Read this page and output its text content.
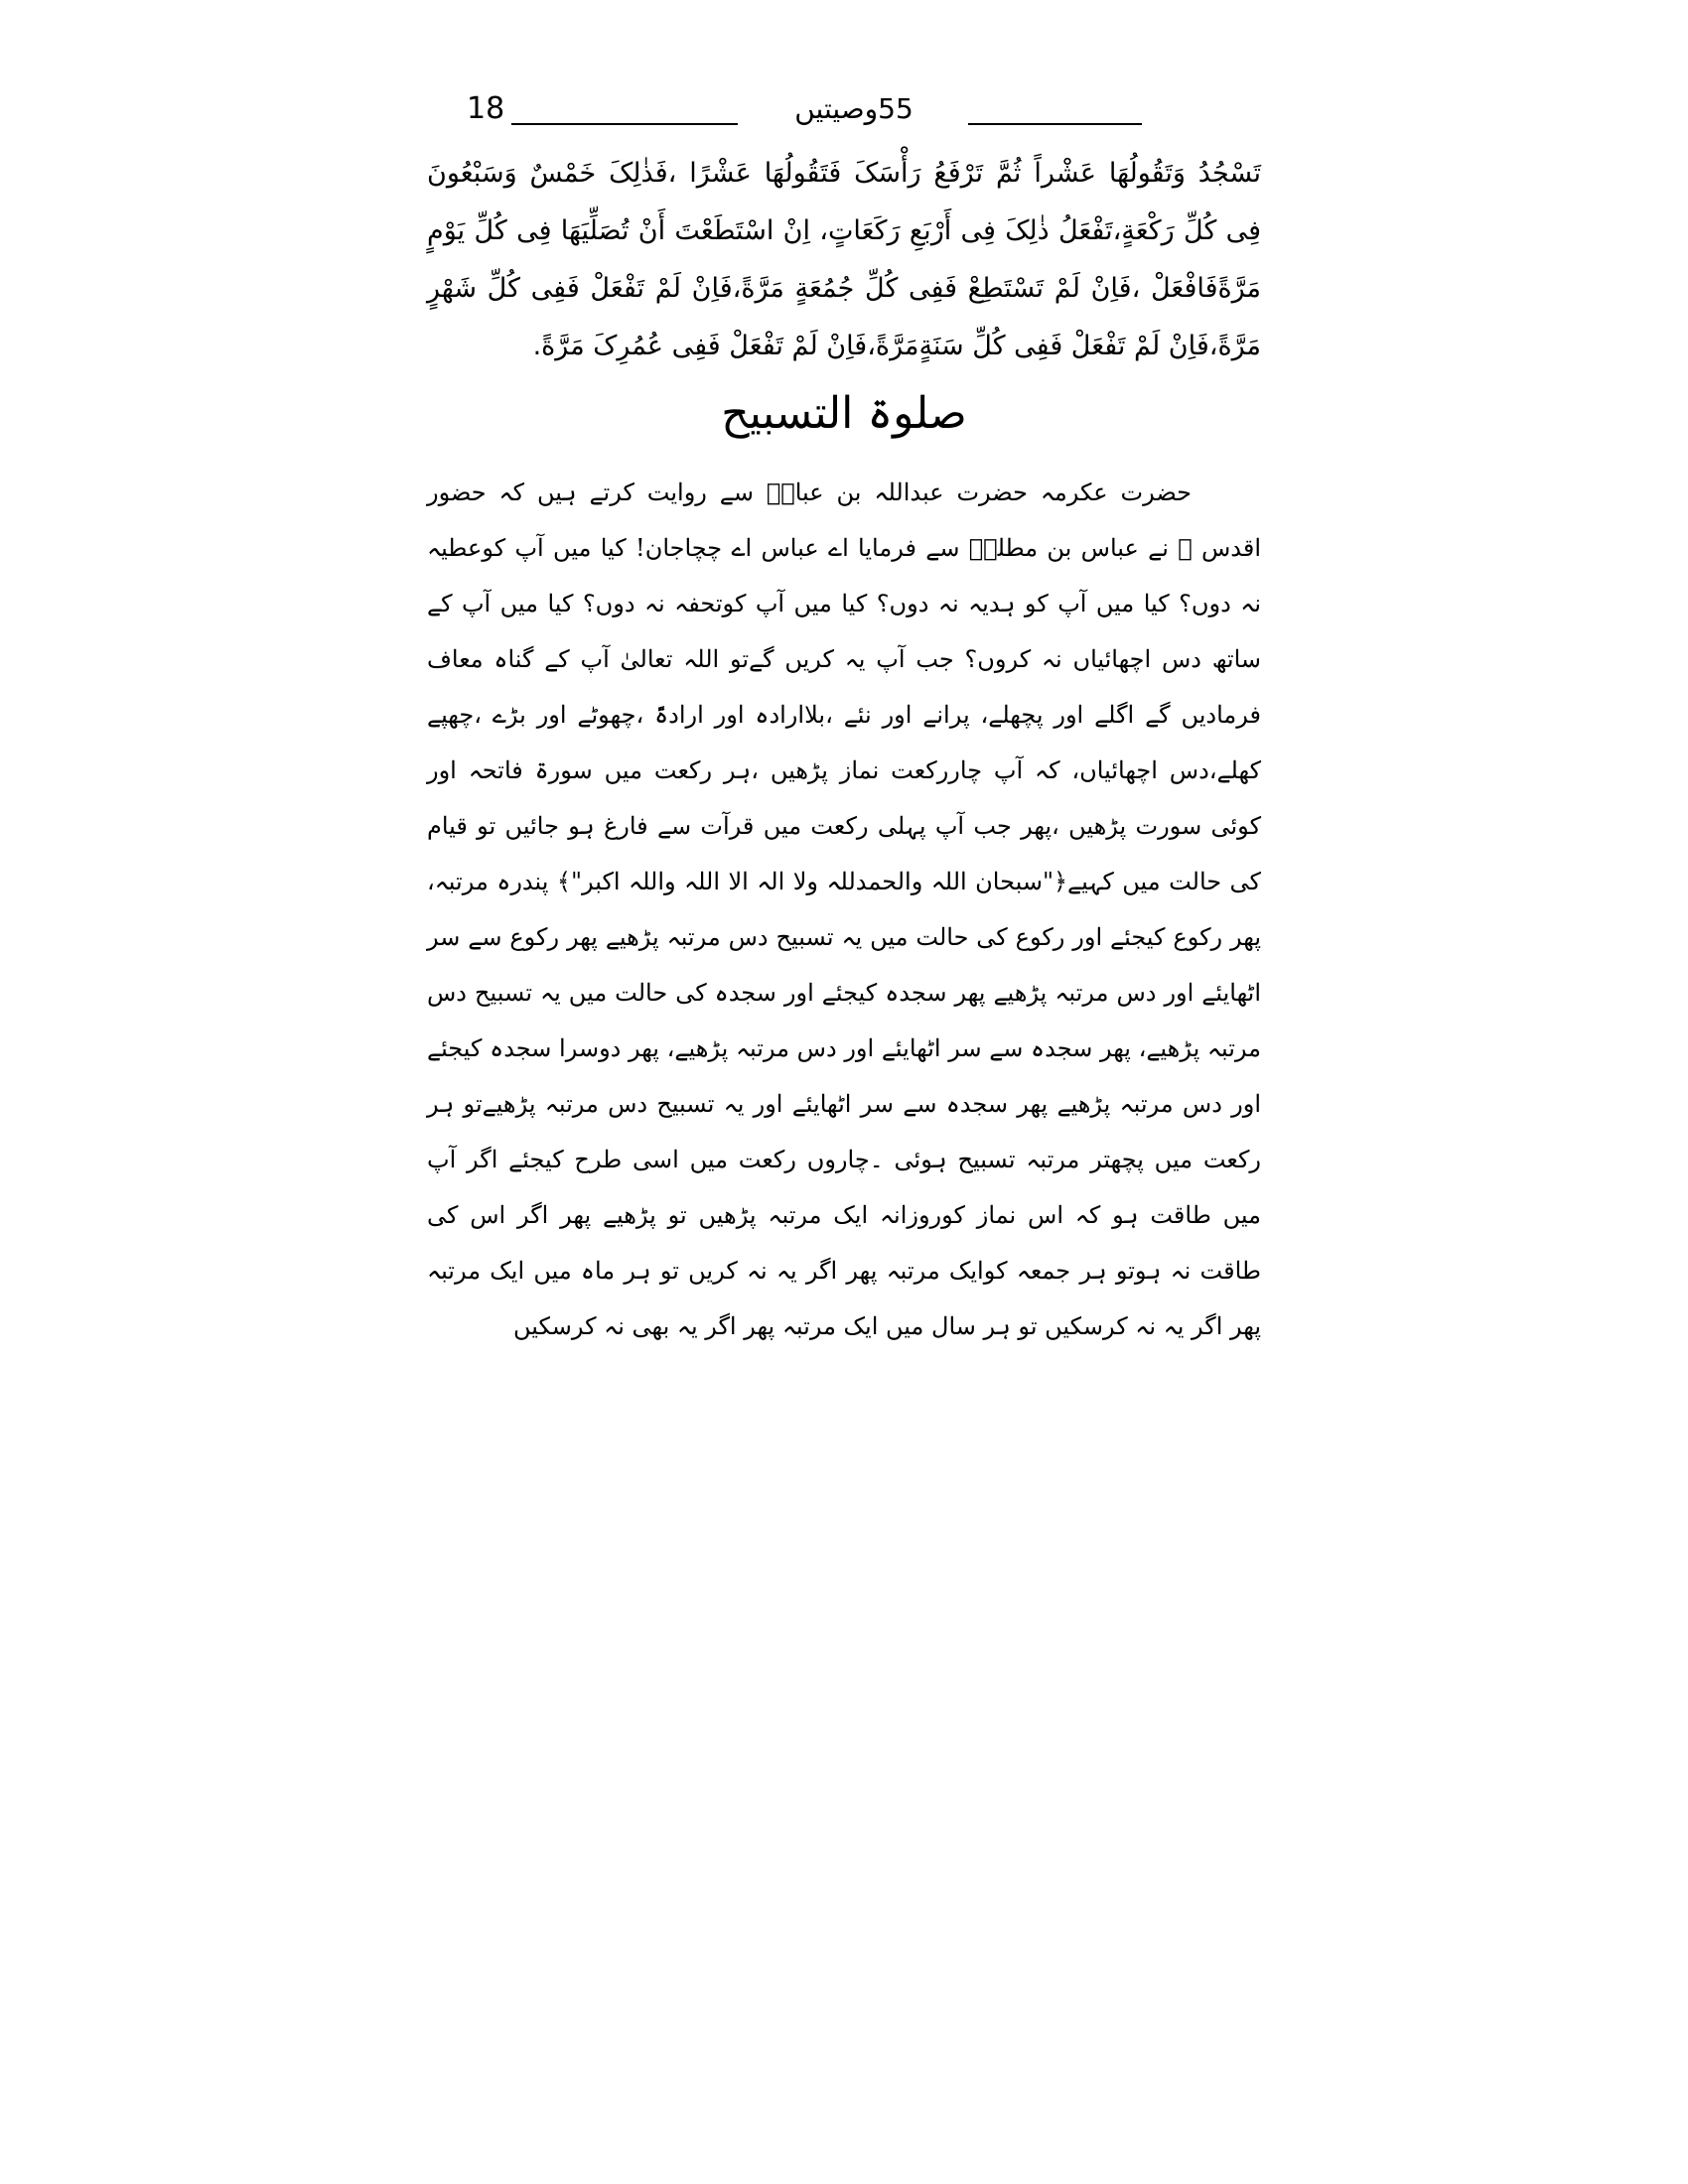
18	55وصیتیں
تَسْجُدُ وَتَقُولُهَا عَشْراً ثُمَّ تَرْفَعُ رَأْسَکَ فَتَقُولُهَا عَشْرًا ،فَذٰلِکَ خَمْسٌ وَسَبْعُونَ فِی کُلِّ رَکْعَةٍ،تَفْعَلُ ذٰلِکَ فِی أَرْبَعِ رَکَعَاتٍ، اِنْ اسْتَطَعْتَ أَنْ تُصَلِّیَهَا فِی کُلِّ یَوْمٍ مَرَّةًفَافْعَلْ ،فَاِنْ لَمْ تَسْتَطِعْ فَفِی کُلِّ جُمُعَةٍ مَرَّةً،فَاِنْ لَمْ تَفْعَلْ فَفِی کُلِّ شَهْرٍ مَرَّةً،فَاِنْ لَمْ تَفْعَلْ فَفِی کُلِّ سَنَةٍمَرَّةً،فَاِنْ لَمْ تَفْعَلْ فَفِی عُمُرِکَ مَرَّةً.
صلوۃ التسبیح
حضرت عکرمہ حضرت عبداللہ بن عباسؓ سے روایت کرتے ہیں کہ حضور اقدس ﷺ نے عباس بن مطلبؓ سے فرمایا اے عباس اے چچاجان! کیا میں آپ کوعطیہ نہ دوں؟ کیا میں آپ کو ہدیہ نہ دوں؟ کیا میں آپ کوتحفہ نہ دوں؟ کیا میں آپ کے ساتھ دس اچھائیاں نہ کروں؟ جب آپ یہ کریں گےتو اللہ تعالیٰ آپ کے گناہ معاف فرمادیں گے اگلے اور پچھلے، پرانے اور نئے ،بلاارادہ اور ارادۃً ،چھوٹے اور بڑے ،چھپے کھلے،دس اچھائیاں، کہ آپ چاررکعت نماز پڑھیں ،ہر رکعت میں سورۃ فاتحہ اور کوئی سورت پڑھیں ،پھر جب آپ پہلی رکعت میں قرآت سے فارغ ہو جائیں تو قیام کی حالت میں کہیے﴿"سبحان اللہ والحمدللہ ولا الہ الا اللہ واللہ اکبر"﴾ پندرہ مرتبہ، پھر رکوع کیجئے اور رکوع کی حالت میں یہ تسبیح دس مرتبہ پڑھیے پھر رکوع سے سر اٹھایئے اور دس مرتبہ پڑھیے پھر سجدہ کیجئے اور سجدہ کی حالت میں یہ تسبیح دس مرتبہ پڑھیے، پھر سجدہ سے سر اٹھایئے اور دس مرتبہ پڑھیے، پھر دوسرا سجدہ کیجئے اور دس مرتبہ پڑھیے پھر سجدہ سے سر اٹھایئے اور یہ تسبیح دس مرتبہ پڑھیےتو ہر رکعت میں پچھتر مرتبہ تسبیح ہوئی ۔چاروں رکعت میں اسی طرح کیجئے اگر آپ میں طاقت ہو کہ اس نماز کوروزانہ ایک مرتبہ پڑھیں تو پڑھیے پھر اگر اس کی طاقت نہ ہوتو ہر جمعہ کوایک مرتبہ پھر اگر یہ نہ کریں تو ہر ماہ میں ایک مرتبہ پھر اگر یہ نہ کرسکیں تو ہر سال میں ایک مرتبہ پھر اگر یہ بھی نہ کرسکیں
